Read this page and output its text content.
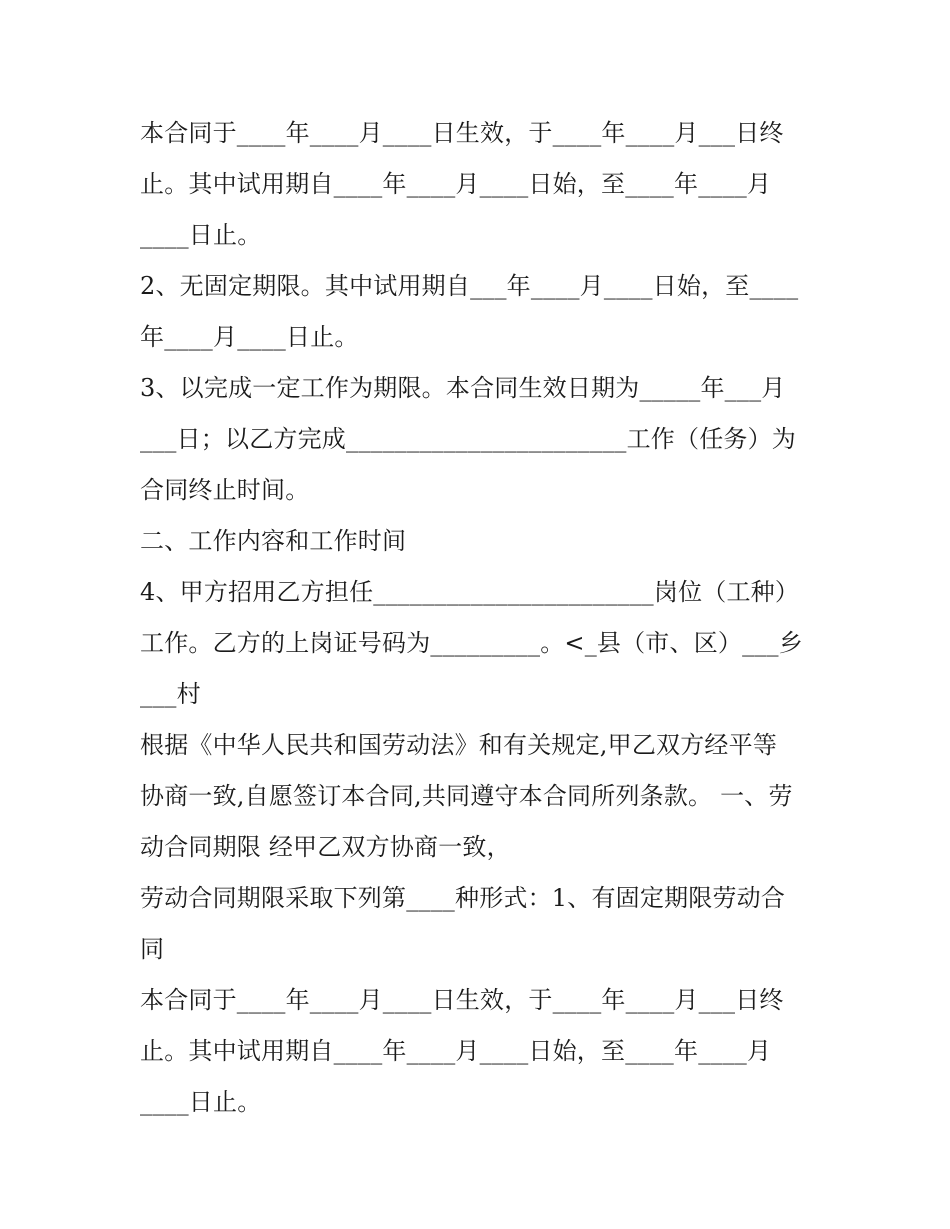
本合同于____年____月____日生效，于____年____月___日终
止。其中试用期自____年____月____日始，至____年____月
____日止。
2、无固定期限。其中试用期自___年____月____日始，至____
年____月____日止。
3、以完成一定工作为期限。本合同生效日期为_____年___月
___日；以乙方完成_______________________工作（任务）为
合同终止时间。
二、工作内容和工作时间
4、甲方招用乙方担任_______________________岗位（工种）
工作。乙方的上岗证号码为_________。<_县（市、区）___乡
___村
根据《中华人民共和国劳动法》和有关规定,甲乙双方经平等
协商一致,自愿签订本合同,共同遵守本合同所列条款。 一、劳
动合同期限 经甲乙双方协商一致，
劳动合同期限采取下列第____种形式：1、有固定期限劳动合
同
本合同于____年____月____日生效，于____年____月___日终
止。其中试用期自____年____月____日始，至____年____月
____日止。
